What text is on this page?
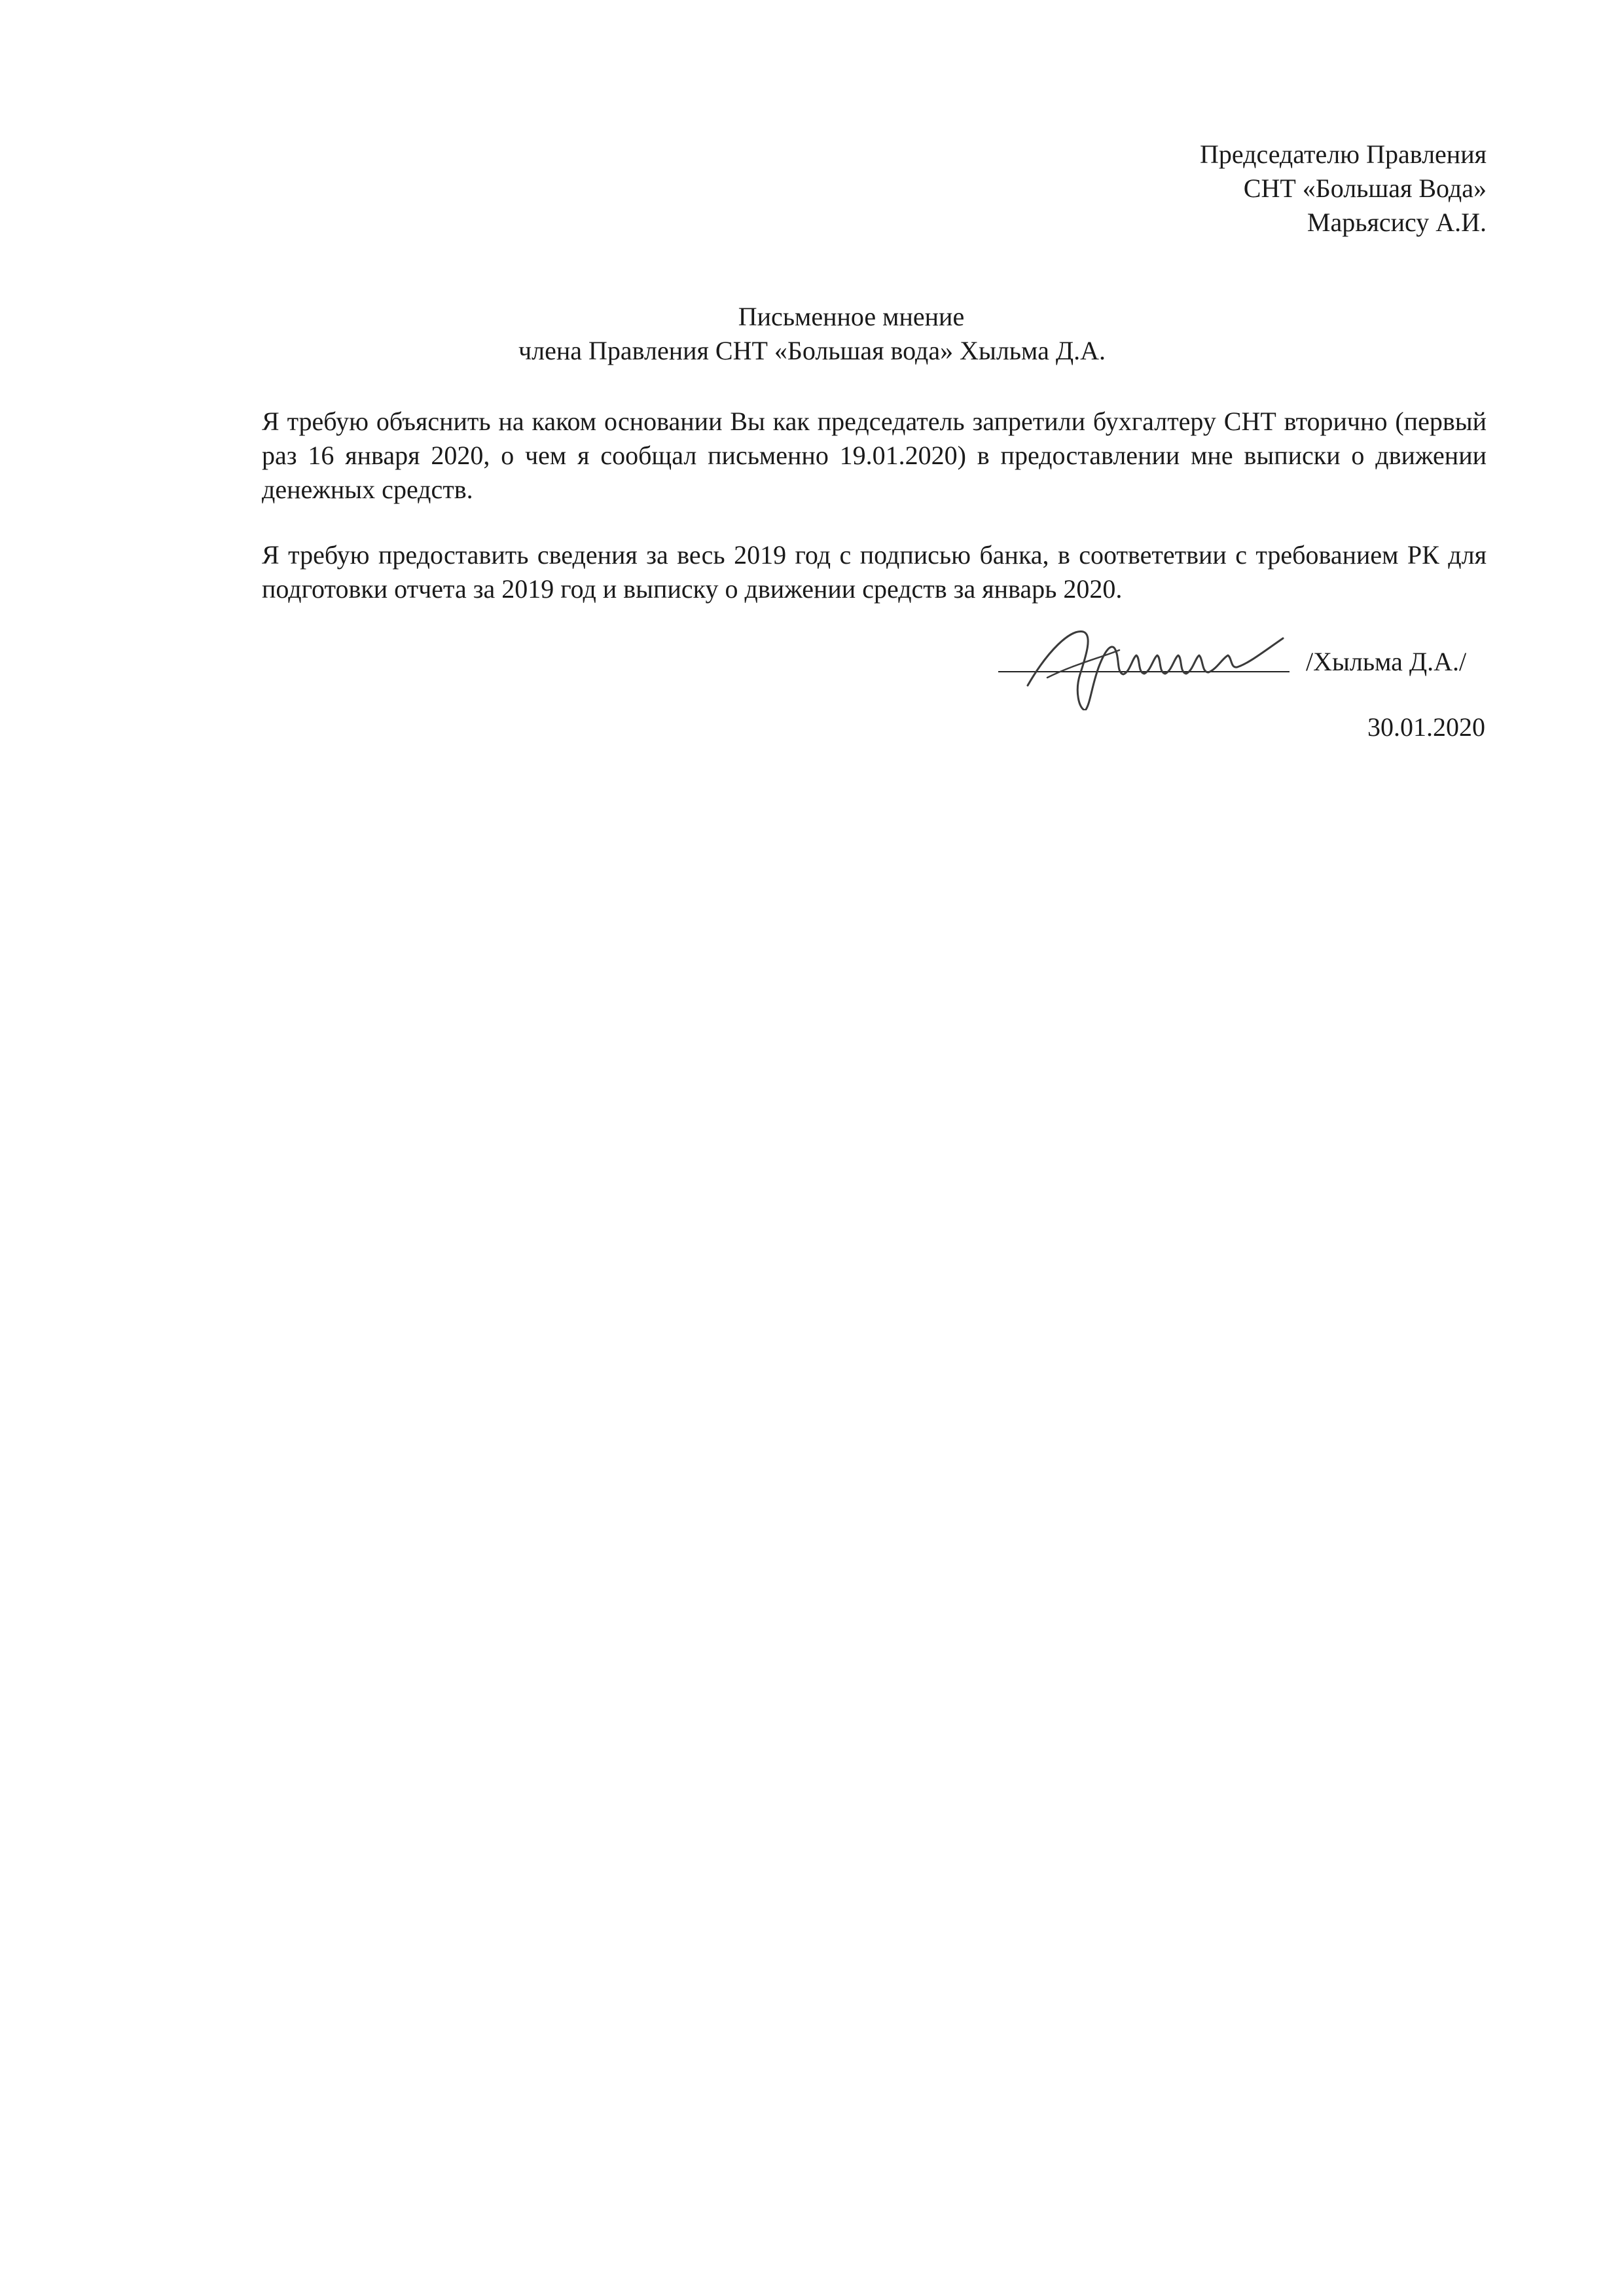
Председателю Правления
СНТ «Большая Вода»
Марьясису А.И.
Письменное мнение
члена Правления СНТ «Большая вода» Хыльма Д.А.
Я требую объяснить на каком основании Вы как председатель запретили бухгалтеру СНТ вторично (первый раз 16 января 2020, о чем я сообщал письменно 19.01.2020) в предоставлении мне выписки о движении денежных средств.
Я требую предоставить сведения за весь 2019 год с подписью банка, в соответетвии с требованием РК для подготовки отчета за 2019 год и выписку о движении средств за январь 2020.
/Хыльма Д.А./
30.01.2020
